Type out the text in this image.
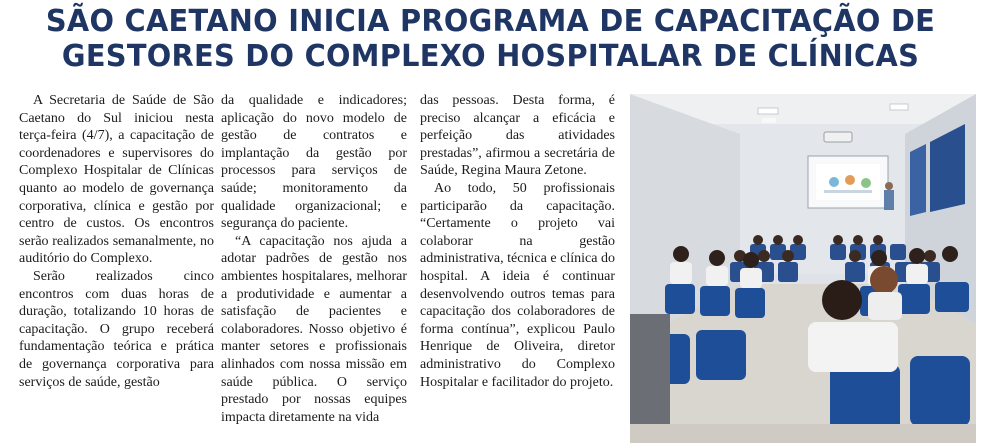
SÃO CAETANO INICIA PROGRAMA DE CAPACITAÇÃO DE
GESTORES DO COMPLEXO HOSPITALAR DE CLÍNICAS

A Secretaria de Saúde de São Caetano do Sul iniciou nesta terça-feira (4/7), a capacitação de coordenadores e supervisores do Complexo Hospitalar de Clínicas quanto ao modelo de governança corporativa, clínica e gestão por centro de custos. Os encontros serão realizados semanalmente, no auditório do Complexo.

Serão realizados cinco encontros com duas horas de duração, totalizando 10 horas de capacitação. O grupo receberá fundamentação teórica e prática de governança corporativa para serviços de saúde, gestão

da qualidade e indicadores; aplicação do novo modelo de gestão de contratos e implantação da gestão por processos para serviços de saúde; monitoramento da qualidade organizacional; e segurança do paciente.

“A capacitação nos ajuda a adotar padrões de gestão nos ambientes hospitalares, melhorar a produtividade e aumentar a satisfação de pacientes e colaboradores. Nosso objetivo é manter setores e profissionais alinhados com nossa missão em saúde pública. O serviço prestado por nossas equipes impacta diretamente na vida

das pessoas. Desta forma, é preciso alcançar a eficácia e perfeição das atividades prestadas”, afirmou a secretária de Saúde, Regina Maura Zetone.

Ao todo, 50 profissionais participarão da capacitação. “Certamente o projeto vai colaborar na gestão administrativa, técnica e clínica do hospital. A ideia é continuar desenvolvendo outros temas para capacitação dos colaboradores de forma contínua”, explicou Paulo Henrique de Oliveira, diretor administrativo do Complexo Hospitalar e facilitador do projeto.
